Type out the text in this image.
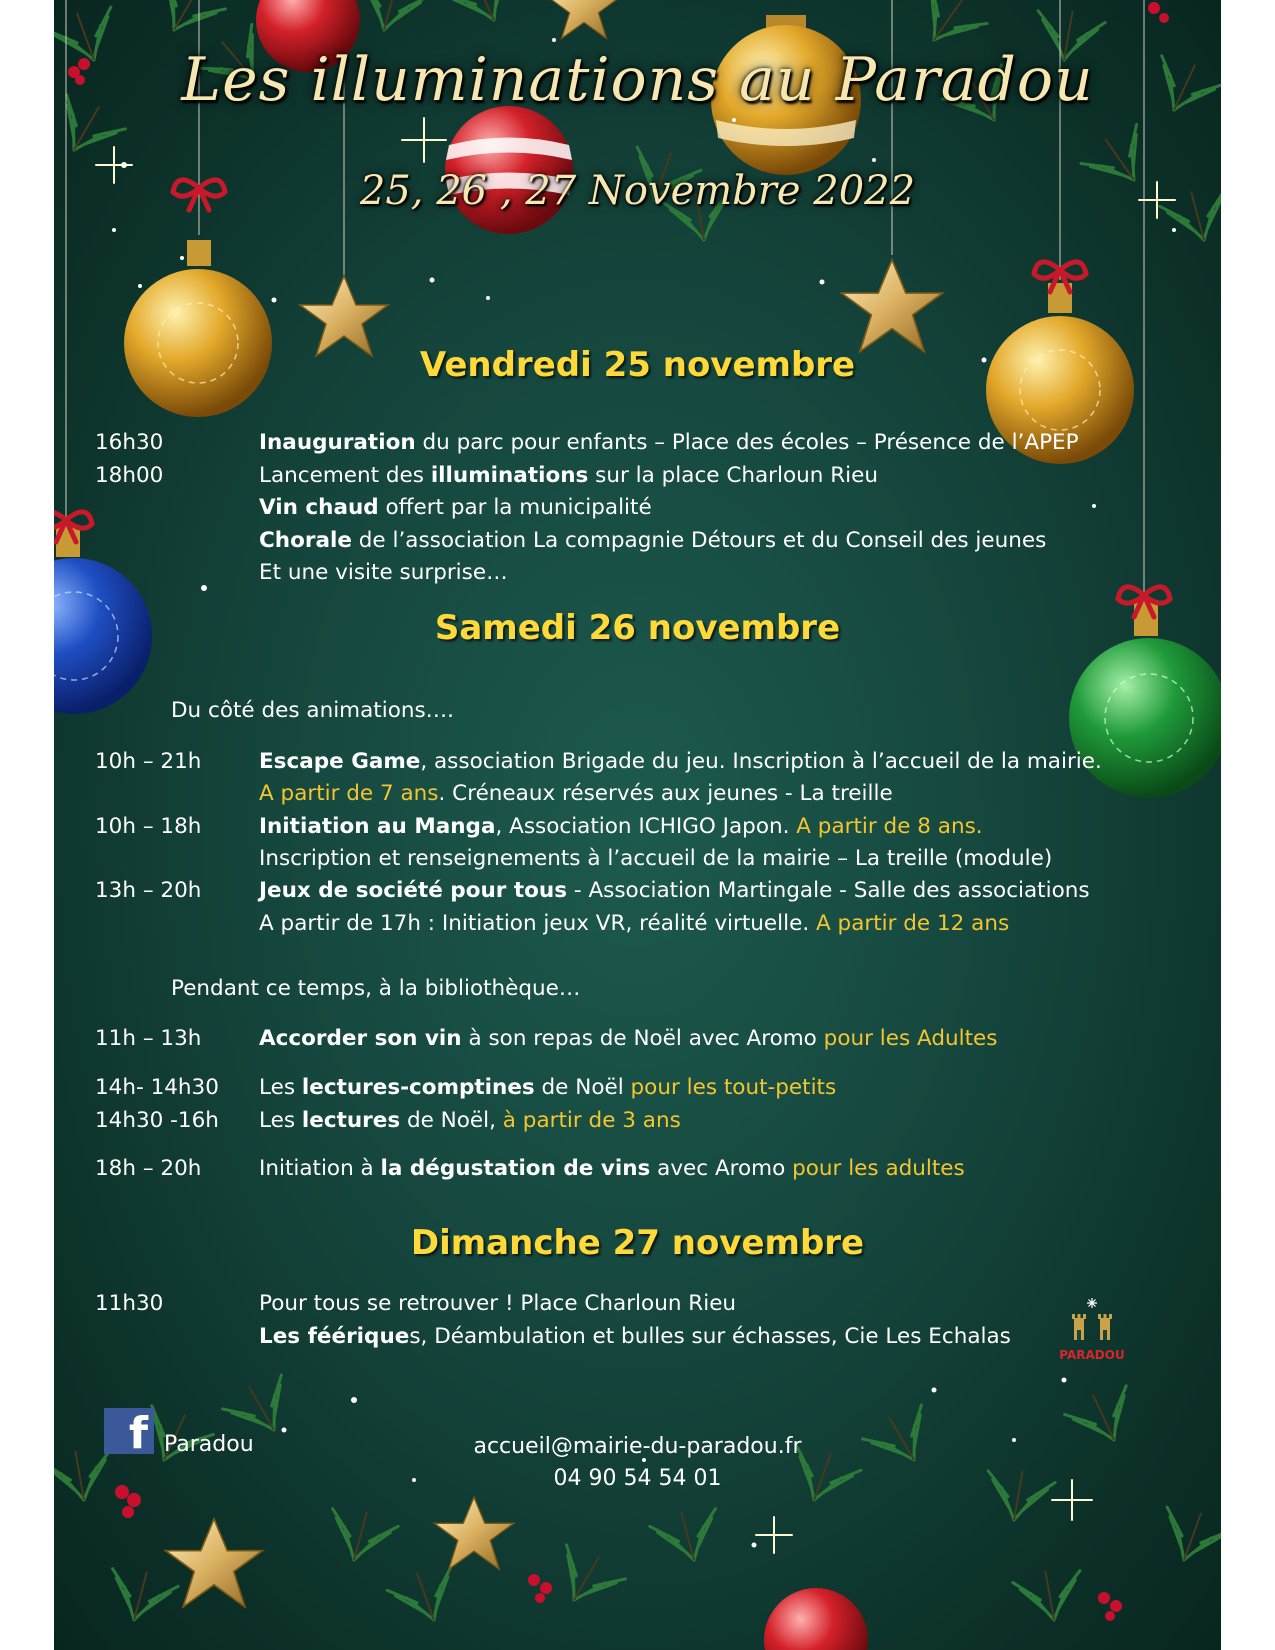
Les illuminations au Paradou
25, 26 , 27 Novembre 2022
Vendredi 25 novembre
16h30	Inauguration du parc pour enfants – Place des écoles – Présence de l’APEP
18h00	Lancement des illuminations sur la place Charloun Rieu
Vin chaud offert par la municipalité
Chorale de l’association La compagnie Détours et du Conseil des jeunes
Et une visite surprise…
Samedi 26 novembre
Du côté des animations….
10h – 21h	Escape Game, association Brigade du jeu. Inscription à l’accueil de la mairie.
A partir de 7 ans. Créneaux réservés aux jeunes - La treille
10h – 18h	Initiation au Manga, Association ICHIGO Japon. A partir de 8 ans.
Inscription et renseignements à l’accueil de la mairie – La treille (module)
13h – 20h	Jeux de société pour tous - Association Martingale - Salle des associations
A partir de 17h : Initiation jeux VR, réalité virtuelle. A partir de 12 ans
Pendant ce temps, à la bibliothèque…
11h – 13h	Accorder son vin à son repas de Noël avec Aromo pour les Adultes
14h- 14h30 Les lectures-comptines de Noël pour les tout-petits
14h30 -16h Les lectures de Noël, à partir de 3 ans
18h – 20h	Initiation à la dégustation de vins avec Aromo pour les adultes
Dimanche 27 novembre
11h30	Pour tous se retrouver ! Place Charloun Rieu
Les féériques, Déambulation et bulles sur échasses, Cie Les Echalas
PARADOU
f Paradou	accueil@mairie-du-paradou.fr
04 90 54 54 01
